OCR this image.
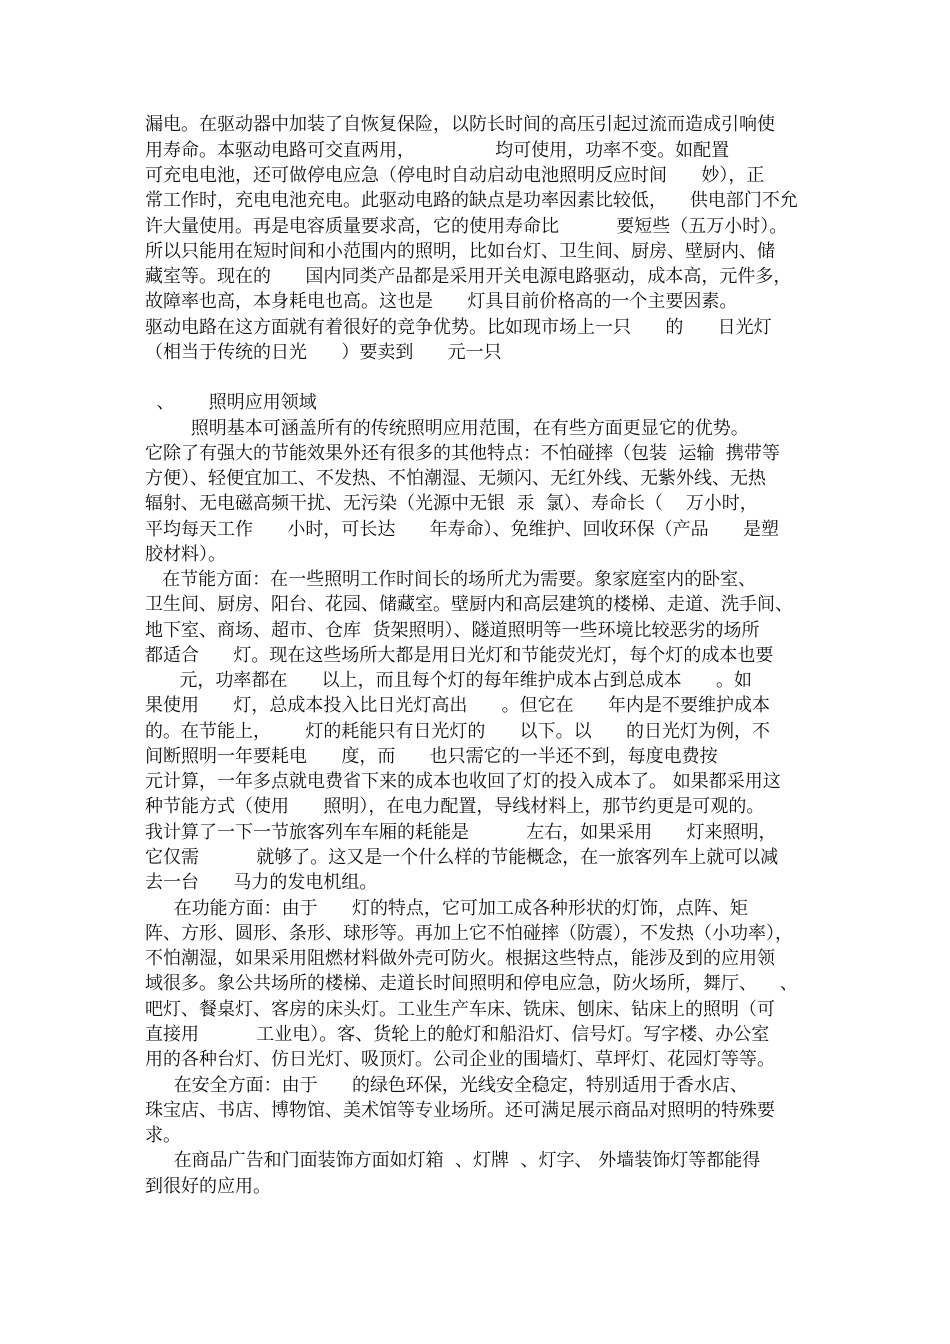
漏电。在驱动器中加装了自恢复保险，以防长时间的高压引起过流而造成引响使
用寿命。本驱动电路可交直两用，              均可使用，功率不变。如配置
可充电电池，还可做停电应急（停电时自动启动电池照明反应时间      妙），正
常工作时，充电电池充电。此驱动电路的缺点是功率因素比较低，    供电部门不允
许大量使用。再是电容质量要求高，它的使用寿命比          要短些（五万小时）。
所以只能用在短时间和小范围内的照明，比如台灯、卫生间、厨房、壁厨内、储
藏室等。现在的      国内同类产品都是采用开关电源电路驱动，成本高，元件多，
故障率也高，本身耗电也高。这也是      灯具目前价格高的一个主要因素。
驱动电路在这方面就有着很好的竞争优势。比如现市场上一只      的      日光灯
（相当于传统的日光      ）要卖到      元一只
、      照明应用领域
照明基本可涵盖所有的传统照明应用范围，在有些方面更显它的优势。
它除了有强大的节能效果外还有很多的其他特点：不怕碰摔（包装  运输  携带等
方便）、轻便宜加工、不发热、不怕潮湿、无频闪、无红外线、无紫外线、无热
辐射、无电磁高频干扰、无污染（光源中无银  汞  氯）、寿命长（    万小时，
平均每天工作      小时，可长达      年寿命）、免维护、回收环保（产品      是塑
胶材料）。
在节能方面：在一些照明工作时间长的场所尤为需要。象家庭室内的卧室、
卫生间、厨房、阳台、花园、储藏室。壁厨内和高层建筑的楼梯、走道、洗手间、
地下室、商场、超市、仓库  货架照明）、隧道照明等一些环境比较恶劣的场所
都适合      灯。现在这些场所大都是用日光灯和节能荧光灯，每个灯的成本也要
元，功率都在      以上，而且每个灯的每年维护成本占到总成本      。如
果使用      灯，总成本投入比日光灯高出      。但它在      年内是不要维护成本
的。在节能上，      灯的耗能只有日光灯的      以下。以      的日光灯为例，不
间断照明一年要耗电      度，而      也只需它的一半还不到，每度电费按
元计算，一年多点就电费省下来的成本也收回了灯的投入成本了。 如果都采用这
种节能方式（使用      照明），在电力配置，导线材料上，那节约更是可观的。
我计算了一下一节旅客列车车厢的耗能是          左右，如果采用      灯来照明，
它仅需          就够了。这又是一个什么样的节能概念，在一旅客列车上就可以减
去一台      马力的发电机组。
在功能方面：由于      灯的特点，它可加工成各种形状的灯饰，点阵、矩
阵、方形、圆形、条形、球形等。再加上它不怕碰摔（防震），不发热（小功率），
不怕潮湿，如果采用阻燃材料做外壳可防火。根据这些特点，能涉及到的应用领
域很多。象公共场所的楼梯、走道长时间照明和停电应急，防火场所，舞厅、    、
吧灯、餐桌灯、客房的床头灯。工业生产车床、铣床、刨床、钻床上的照明（可
直接用          工业电）。客、货轮上的舱灯和船沿灯、信号灯。写字楼、办公室
用的各种台灯、仿日光灯、吸顶灯。公司企业的围墙灯、草坪灯、花园灯等等。
在安全方面：由于      的绿色环保，光线安全稳定，特别适用于香水店、
珠宝店、书店、博物馆、美术馆等专业场所。还可满足展示商品对照明的特殊要
求。
在商品广告和门面装饰方面如灯箱  、灯牌  、灯字、 外墙装饰灯等都能得
到很好的应用。
